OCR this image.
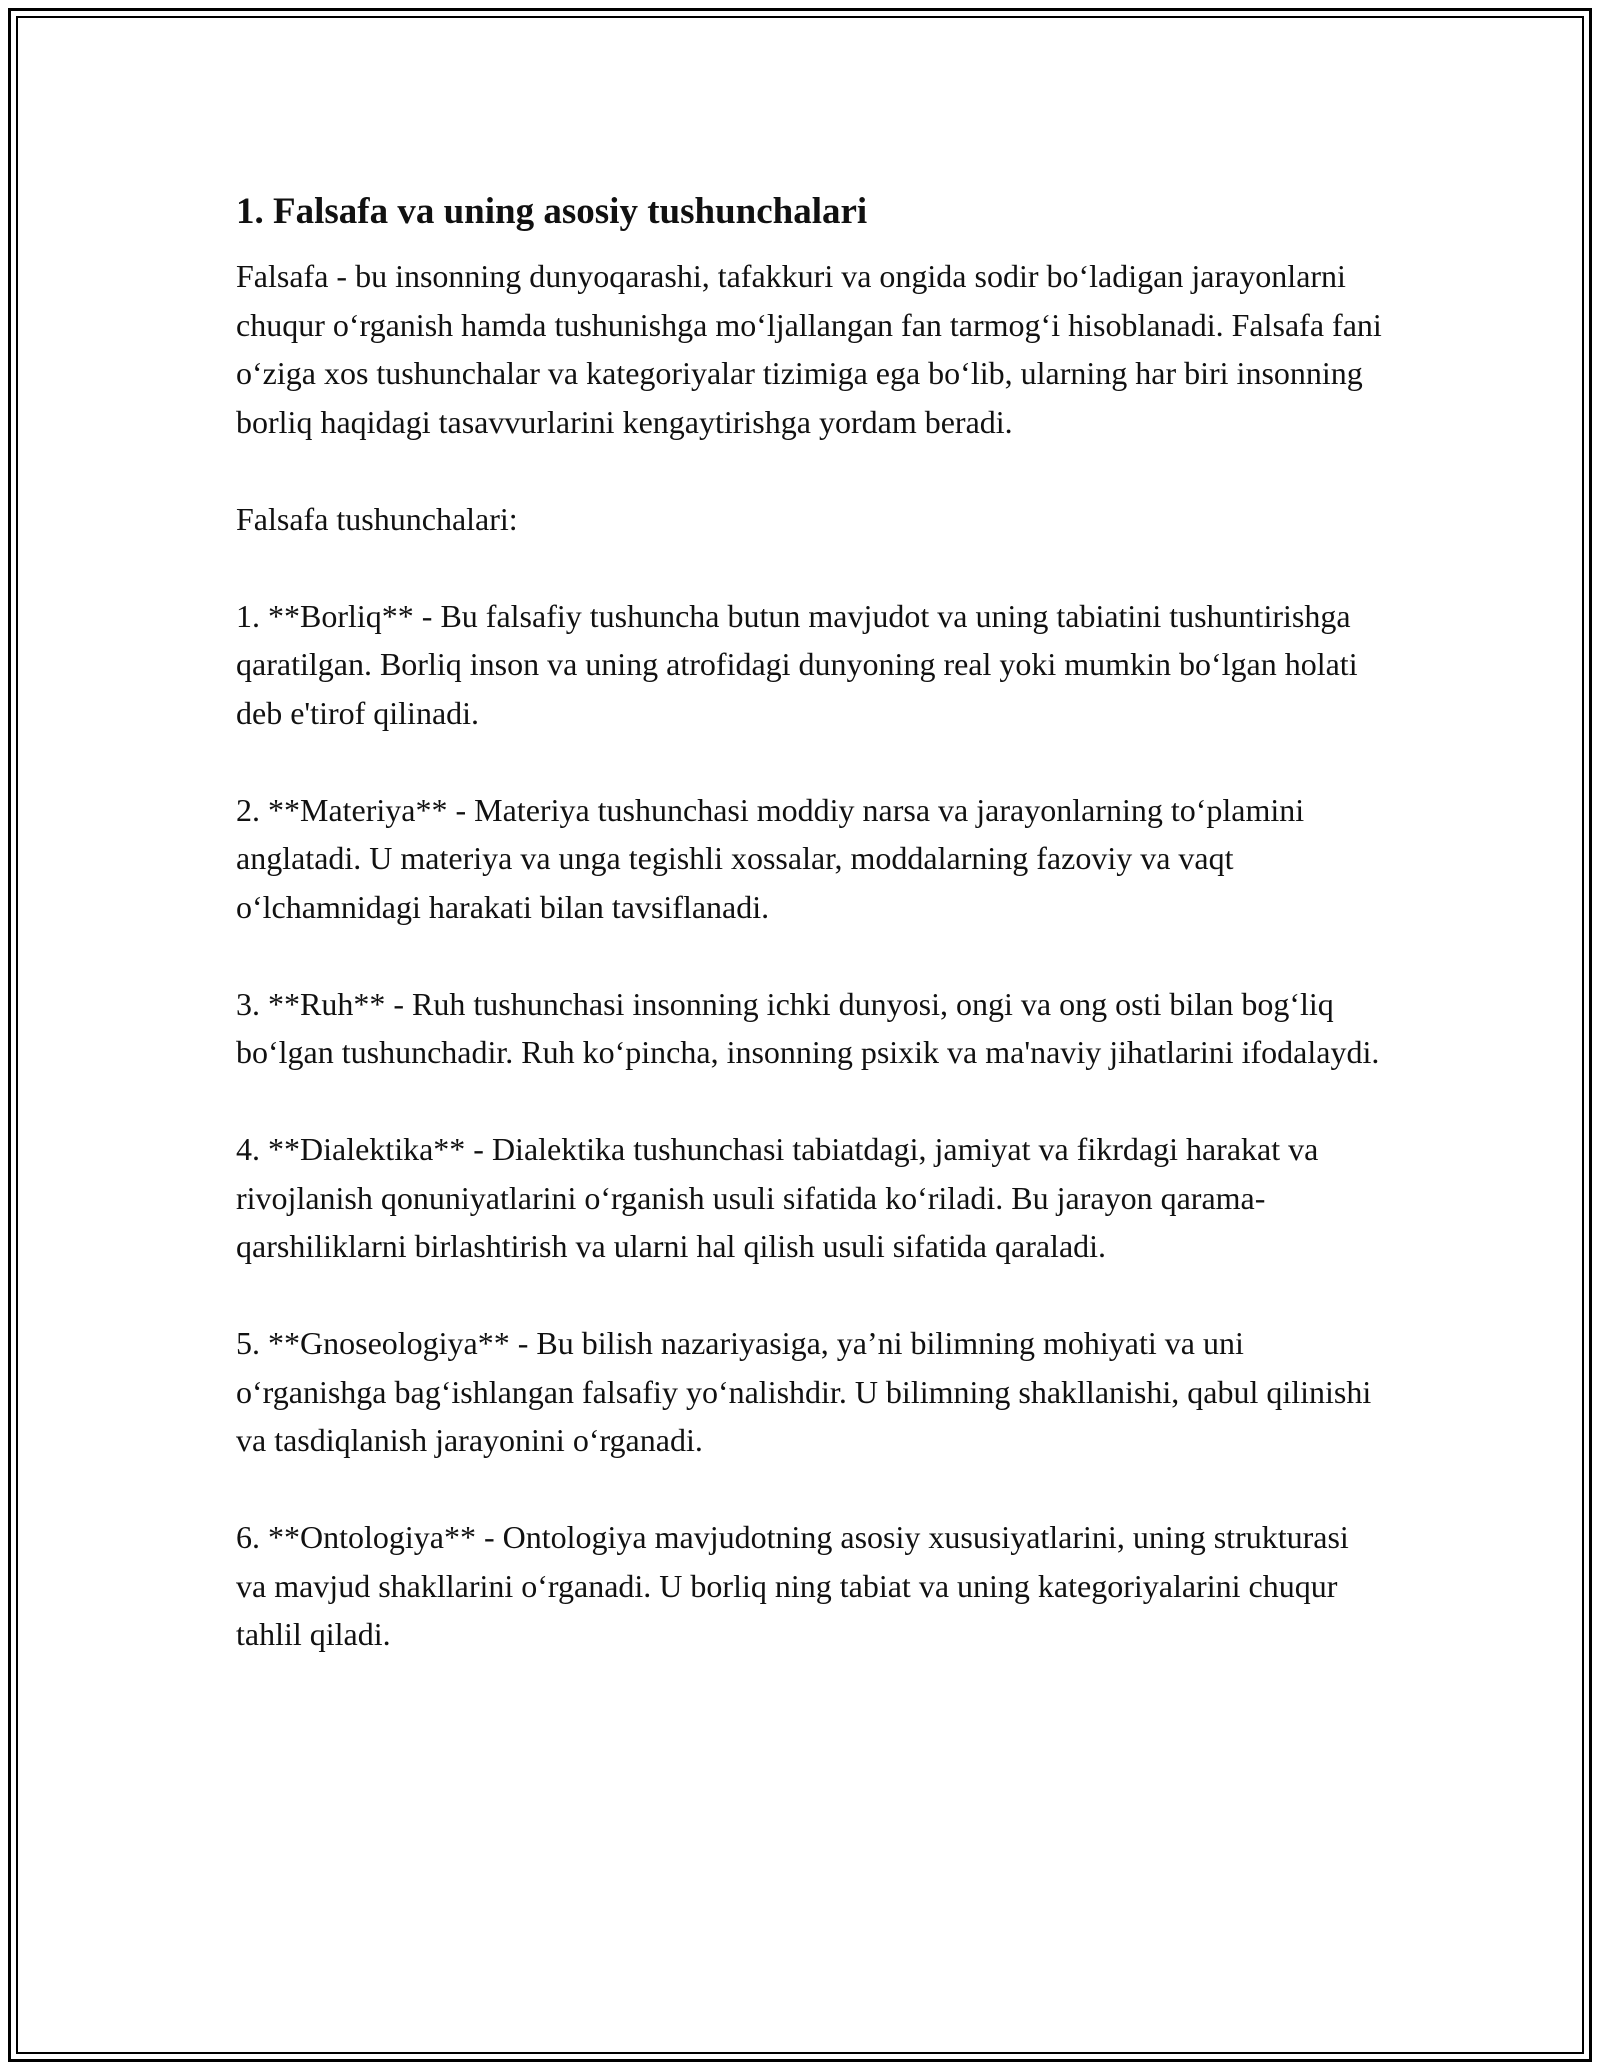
1. Falsafa va uning asosiy tushunchalari

Falsafa - bu insonning dunyoqarashi, tafakkuri va ongida sodir bo‘ladigan jarayonlarni chuqur o‘rganish hamda tushunishga mo‘ljallangan fan tarmog‘i hisoblanadi. Falsafa fani o‘ziga xos tushunchalar va kategoriyalar tizimiga ega bo‘lib, ularning har biri insonning borliq haqidagi tasavvurlarini kengaytirishga yordam beradi.

Falsafa tushunchalari:

1. **Borliq** - Bu falsafiy tushuncha butun mavjudot va uning tabiatini tushuntirishga qaratilgan. Borliq inson va uning atrofidagi dunyoning real yoki mumkin bo‘lgan holati deb e'tirof qilinadi.

2. **Materiya** - Materiya tushunchasi moddiy narsa va jarayonlarning to‘plamini anglatadi. U materiya va unga tegishli xossalar, moddalarning fazoviy va vaqt o‘lchamnidagi harakati bilan tavsiflanadi.

3. **Ruh** - Ruh tushunchasi insonning ichki dunyosi, ongi va ong osti bilan bog‘liq bo‘lgan tushunchadir. Ruh ko‘pincha, insonning psixik va ma'naviy jihatlarini ifodalaydi.

4. **Dialektika** - Dialektika tushunchasi tabiatdagi, jamiyat va fikrdagi harakat va rivojlanish qonuniyatlarini o‘rganish usuli sifatida ko‘riladi. Bu jarayon qarama-qarshiliklarni birlashtirish va ularni hal qilish usuli sifatida qaraladi.

5. **Gnoseologiya** - Bu bilish nazariyasiga, ya’ni bilimning mohiyati va uni o‘rganishga bag‘ishlangan falsafiy yo‘nalishdir. U bilimning shakllanishi, qabul qilinishi va tasdiqlanish jarayonini o‘rganadi.

6. **Ontologiya** - Ontologiya mavjudotning asosiy xususiyatlarini, uning strukturasi va mavjud shakllarini o‘rganadi. U borliq ning tabiat va uning kategoriyalarini chuqur tahlil qiladi.
